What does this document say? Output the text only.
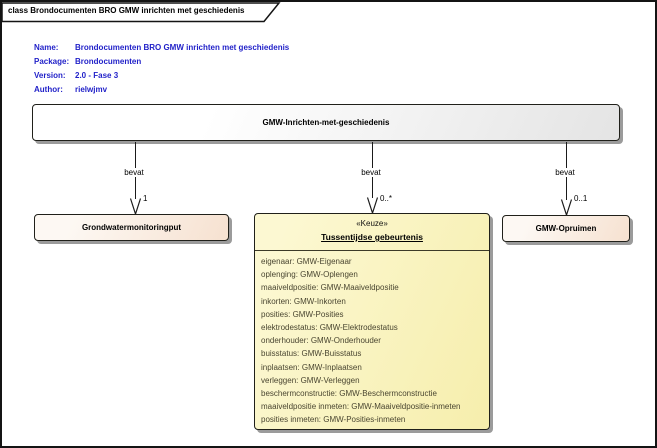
class Brondocumenten BRO GMW inrichten met geschiedenis
Name: Brondocumenten BRO GMW inrichten met geschiedenis
Package: Brondocumenten
Version: 2.0 - Fase 3
Author: rielwjmv
GMW-Inrichten-met-geschiedenis
bevat
1
bevat
0..*
bevat
0..1
Grondwatermonitoringput	«Keuze»
Tussentijdse gebeurtenis
eigenaar: GMW-Eigenaar
oplenging: GMW-Oplengen
maaiveldpositie: GMW-Maaiveldpositie
inkorten: GMW-Inkorten
posities: GMW-Posities
elektrodestatus: GMW-Elektrodestatus
onderhouder: GMW-Onderhouder
buisstatus: GMW-Buisstatus
inplaatsen: GMW-Inplaatsen
verleggen: GMW-Verleggen
beschermconstructie: GMW-Beschermconstructie
maaiveldpositie inmeten: GMW-Maaiveldpositie-inmeten
posities inmeten: GMW-Posities-inmeten
GMW-Opruimen
